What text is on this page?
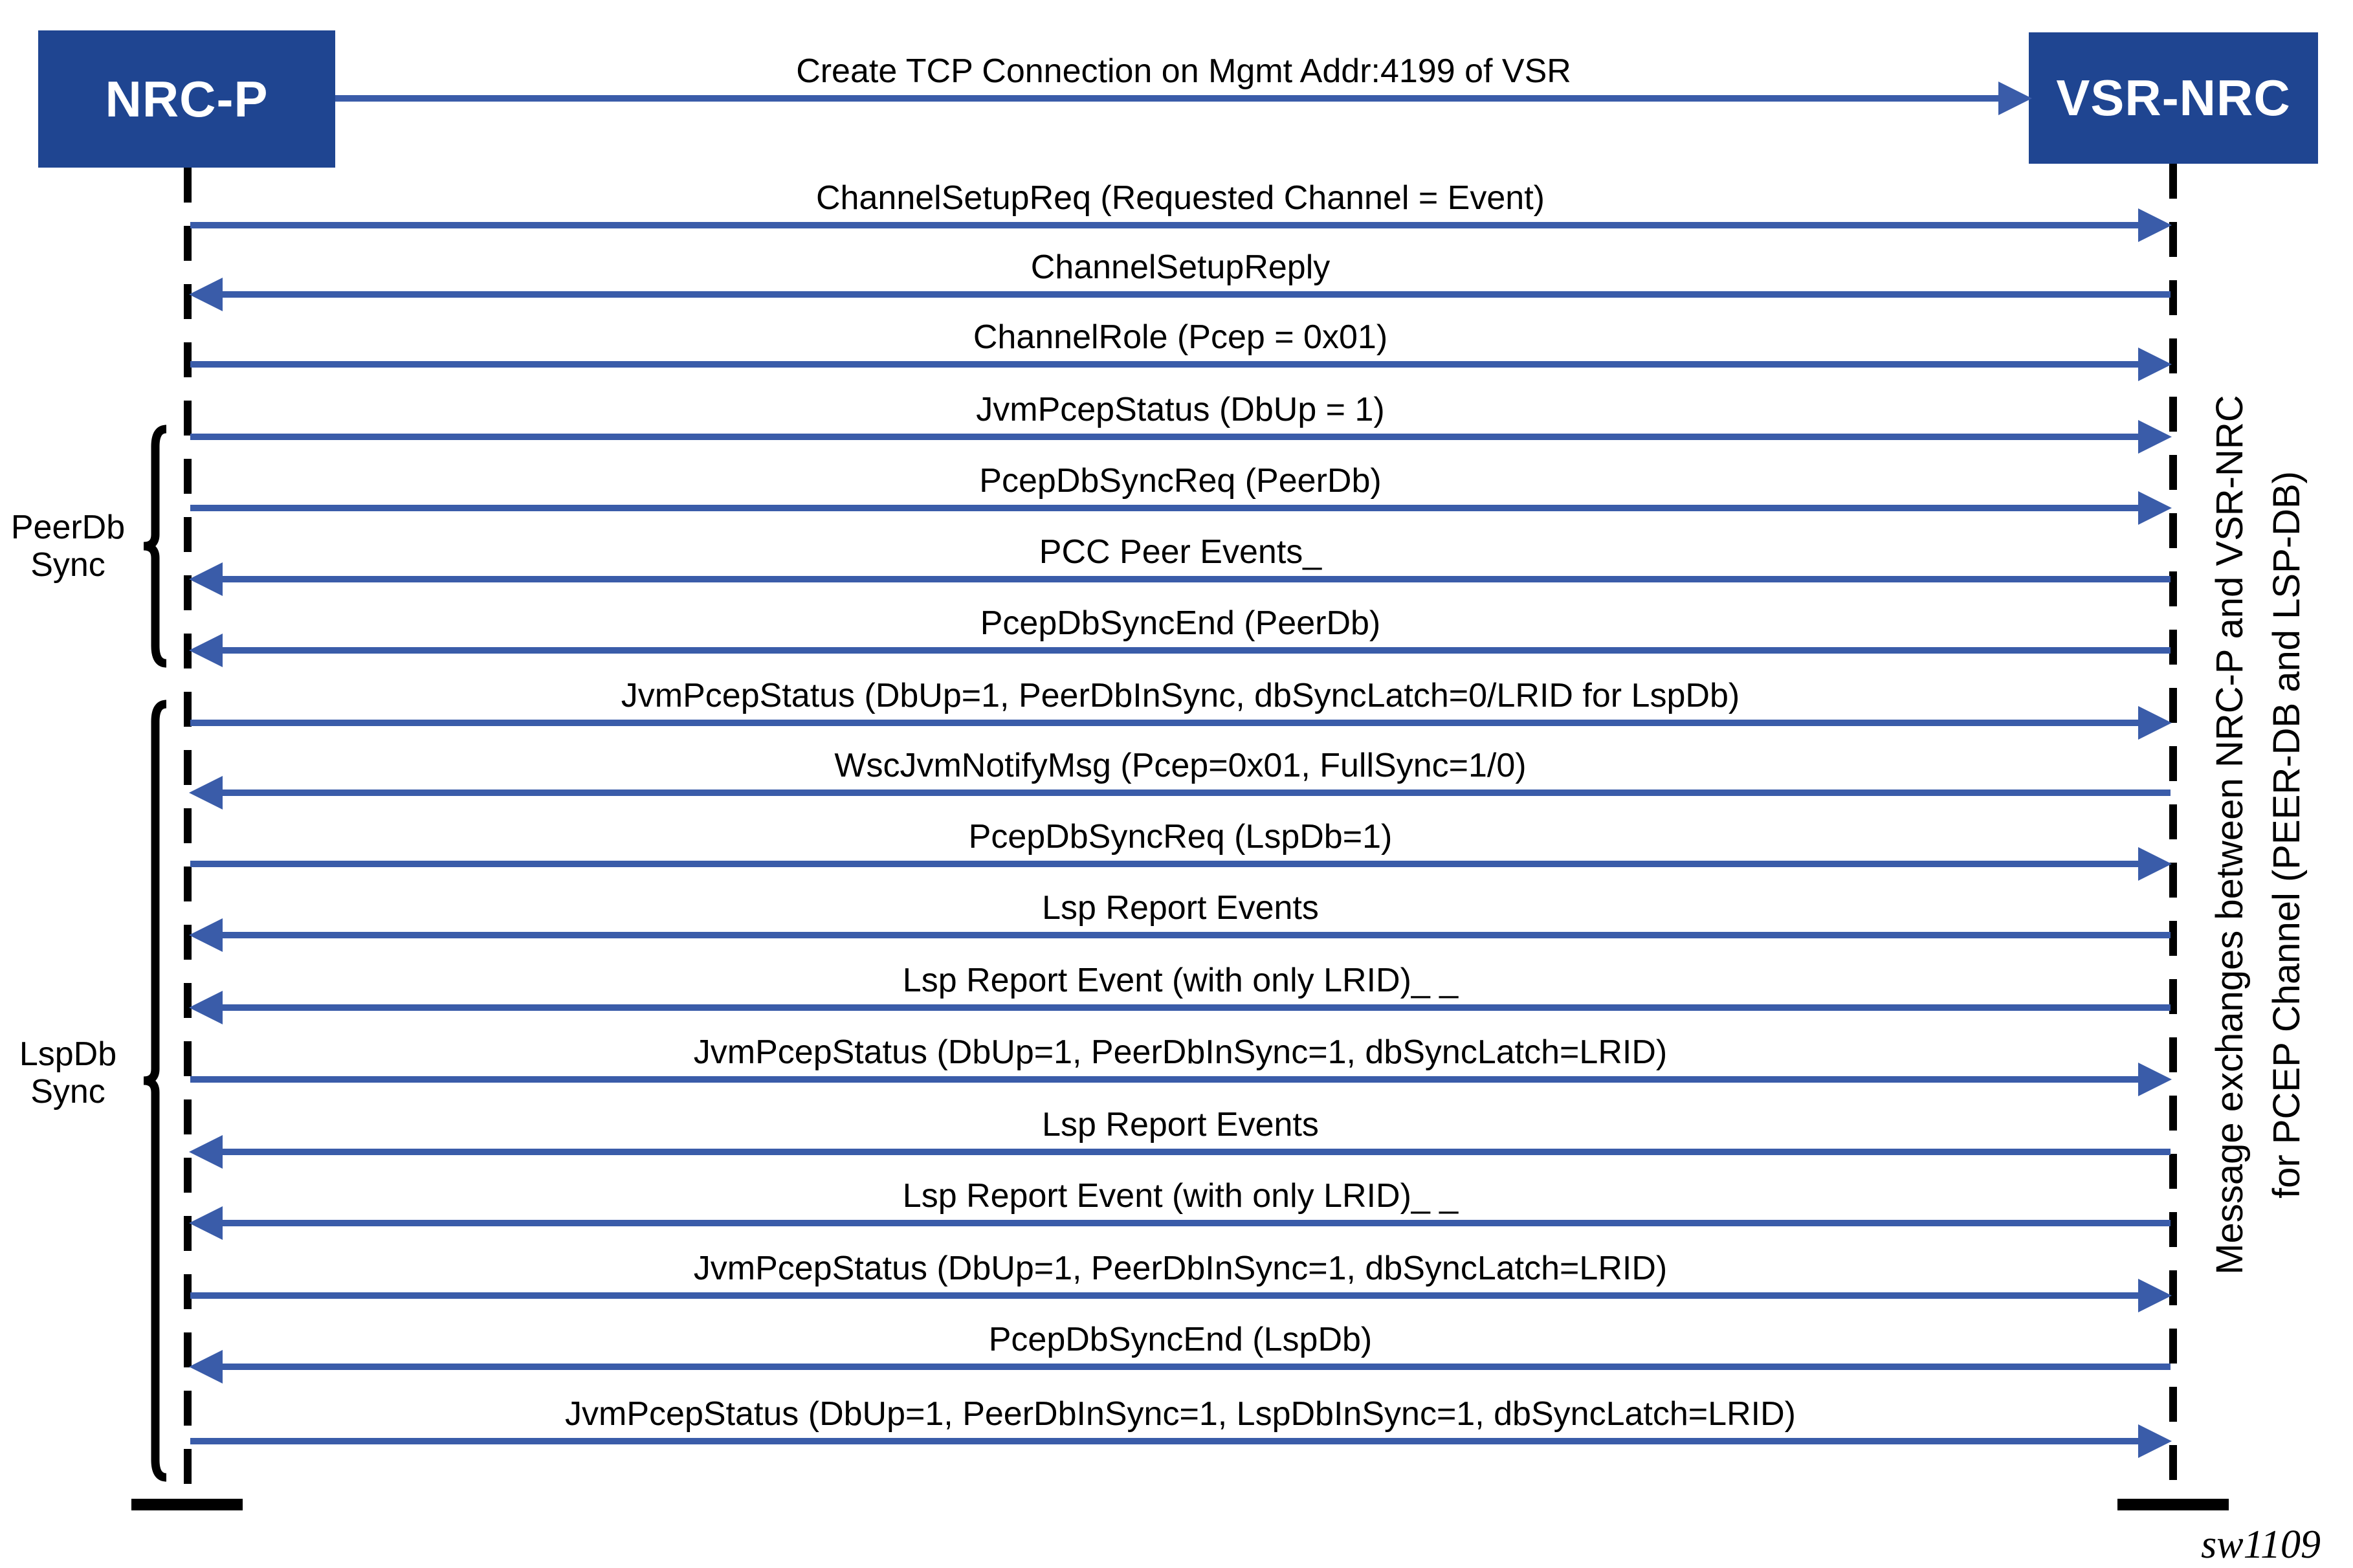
NRC-P	VSR-NRC
Create TCP Connection on Mgmt Addr:4199 of VSR
ChannelSetupReq (Requested Channel = Event)
ChannelSetupReply
ChannelRole (Pcep = 0x01)
JvmPcepStatus (DbUp = 1)
PcepDbSyncReq (PeerDb)
PCC Peer Events_
PcepDbSyncEnd (PeerDb)
JvmPcepStatus (DbUp=1, PeerDbInSync, dbSyncLatch=0/LRID for LspDb)
WscJvmNotifyMsg (Pcep=0x01, FullSync=1/0)
PcepDbSyncReq (LspDb=1)
Lsp Report Events
Lsp Report Event (with only LRID)_ _
JvmPcepStatus (DbUp=1, PeerDbInSync=1, dbSyncLatch=LRID)
Lsp Report Events
Lsp Report Event (with only LRID)_ _
JvmPcepStatus (DbUp=1, PeerDbInSync=1, dbSyncLatch=LRID)
PcepDbSyncEnd (LspDb)
JvmPcepStatus (DbUp=1, PeerDbInSync=1, LspDbInSync=1, dbSyncLatch=LRID)
PeerDb
Sync
LspDb
Sync	Message exchanges between NRC-P and VSR-NRC for PCEP Channel (PEER-DB and LSP-DB)
sw1109
